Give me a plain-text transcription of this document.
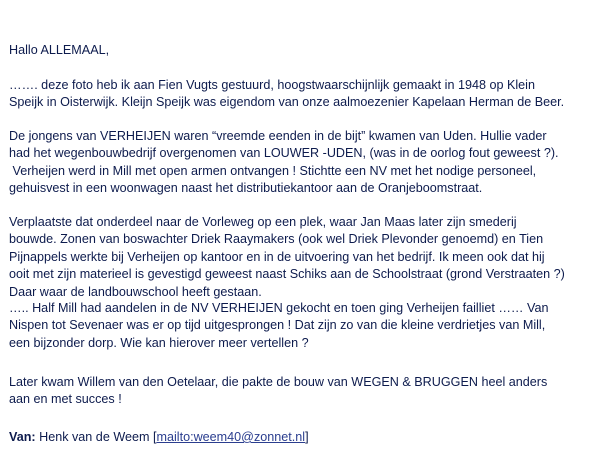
Hallo ALLEMAAL,

……. deze foto heb ik aan Fien Vugts gestuurd, hoogstwaarschijnlijk gemaakt in 1948 op Klein
Speijk in Oisterwijk. Kleijn Speijk was eigendom van onze aalmoezenier Kapelaan Herman de Beer.

De jongens van VERHEIJEN waren “vreemde eenden in de bijt” kwamen van Uden. Hullie vader
had het wegenbouwbedrijf overgenomen van LOUWER -UDEN, (was in de oorlog fout geweest ?).
Verheijen werd in Mill met open armen ontvangen ! Stichtte een NV met het nodige personeel,
gehuisvest in een woonwagen naast het distributiekantoor aan de Oranjeboomstraat.

Verplaatste dat onderdeel naar de Vorleweg op een plek, waar Jan Maas later zijn smederij
bouwde. Zonen van boswachter Driek Raaymakers (ook wel Driek Plevonder genoemd) en Tien
Pijnappels werkte bij Verheijen op kantoor en in de uitvoering van het bedrijf. Ik meen ook dat hij
ooit met zijn materieel is gevestigd geweest naast Schiks aan de Schoolstraat (grond Verstraaten ?)
Daar waar de landbouwschool heeft gestaan.

….. Half Mill had aandelen in de NV VERHEIJEN gekocht en toen ging Verheijen failliet …… Van
Nispen tot Sevenaer was er op tijd uitgesprongen ! Dat zijn zo van die kleine verdrietjes van Mill,
een bijzonder dorp. Wie kan hierover meer vertellen ?

Later kwam Willem van den Oetelaar, die pakte de bouw van WEGEN & BRUGGEN heel anders
aan en met succes !

Van: Henk van de Weem [mailto:weem40@zonnet.nl]
